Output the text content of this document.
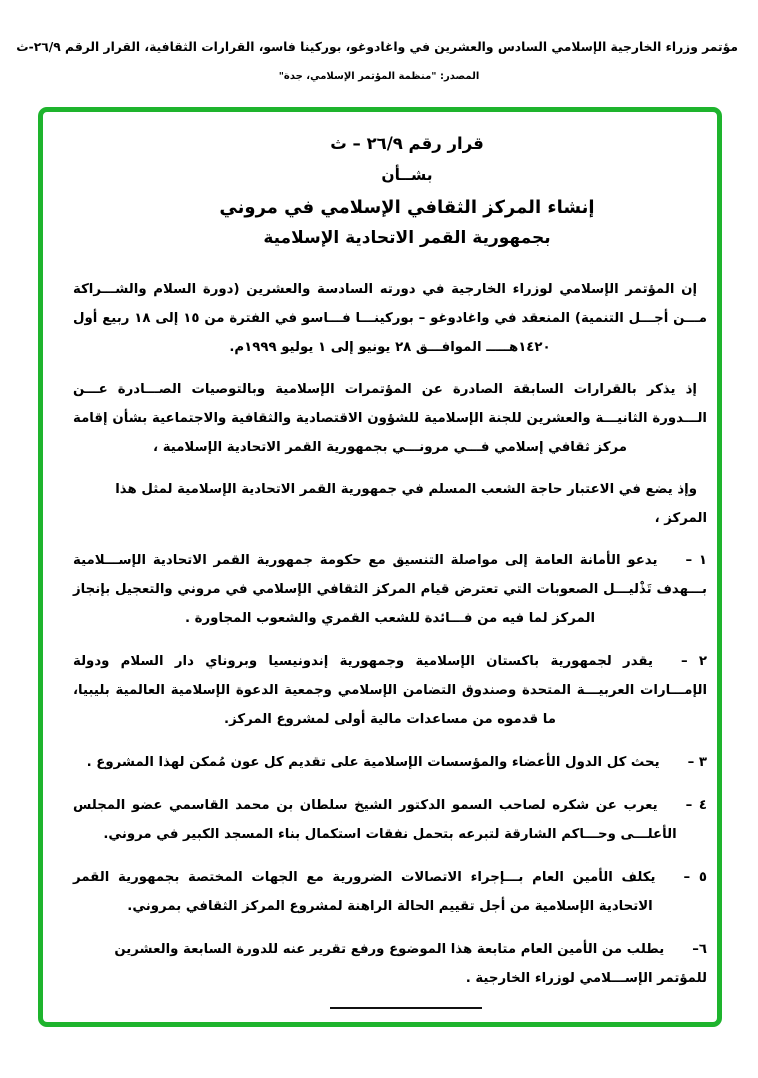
مؤتمر وزراء الخارجية الإسلامي السادس والعشرين في واغادوغو، بوركينا فاسو، القرارات الثقافية، القرار الرقم ٢٦/٩-ث
المصدر: "منظمة المؤتمر الإسلامي، جدة"
قرار رقم ٢٦/٩ – ث
بشــأن
إنشاء المركز الثقافي الإسلامي في مروني
بجمهورية القمر الاتحادية الإسلامية

إن المؤتمر الإسلامي لوزراء الخارجية في دورته السادسة والعشرين (دورة السلام والشـــراكة مـــن أجـــل التنمية) المنعقد في واغادوغو – بوركينـــا فـــاسو في الفترة من ١٥ إلى ١٨ ربيع أول ١٤٢٠هـــــ الموافـــق ٢٨ يونيو إلى ١ يوليو ١٩٩٩م.

إذ يذكر بالقرارات السابقة الصادرة عن المؤتمرات الإسلامية وبالتوصيات الصـــادرة عـــن الـــدورة الثانيـــة والعشرين للجنة الإسلامية للشؤون الاقتصادية والثقافية والاجتماعية بشأن إقامة مركز ثقافي إسلامي فـــي مرونـــي بجمهورية القمر الاتحادية الإسلامية ،

وإذ يضع في الاعتبار حاجة الشعب المسلم في جمهورية القمر الاتحادية الإسلامية لمثل هذا المركز ،

١ –يدعو الأمانة العامة إلى مواصلة التنسيق مع حكومة جمهورية القمر الاتحادية الإســـلامية بـــهدف تَذْليـــل الصعوبات التي تعترض قيام المركز الثقافي الإسلامي في مروني والتعجيل بإنجاز المركز لما فيه من فـــائدة للشعب القمري والشعوب المجاورة .

٢ –يقدر لجمهورية باكستان الإسلامية وجمهورية إندونيسيا وبروناي دار السلام ودولة الإمـــارات العربيـــة المتحدة وصندوق التضامن الإسلامي وجمعية الدعوة الإسلامية العالمية بليبيا، ما قدموه من مساعدات مالية أولى لمشروع المركز.

٣ –يحث كل الدول الأعضاء والمؤسسات الإسلامية على تقديم كل عون مُمكن لهذا المشروع .

٤ –يعرب عن شكره لصاحب السمو الدكتور الشيخ سلطان بن محمد القاسمي عضو المجلس الأعلـــى وحـــاكم الشارقة لتبرعه بتحمل نفقات استكمال بناء المسجد الكبير في مروني.

٥ –يكلف الأمين العام بـــإجراء الاتصالات الضرورية مع الجهات المختصة بجمهورية القمر الاتحادية الإسلامية من أجل تقييم الحالة الراهنة لمشروع المركز الثقافي بمروني.

٦–يطلب من الأمين العام متابعة هذا الموضوع ورفع تقرير عنه للدورة السابعة والعشرين للمؤتمر الإســـلامي لوزراء الخارجية .
